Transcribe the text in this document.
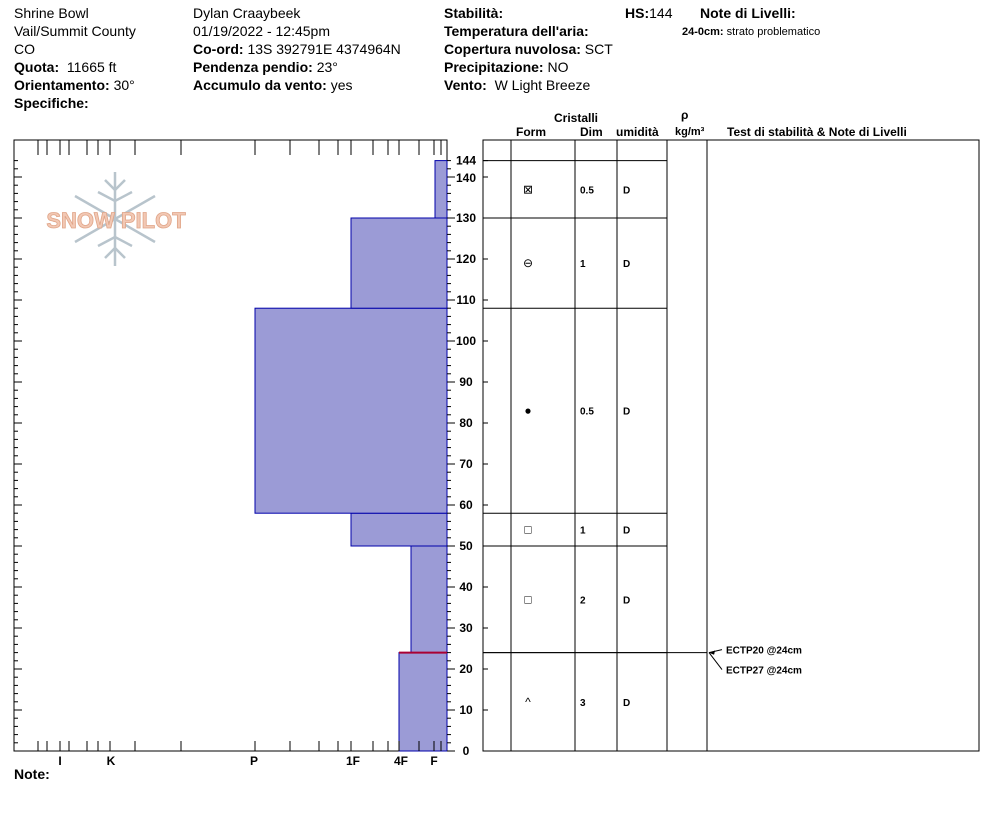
Shrine Bowl
Vail/Summit County
CO
Quota: 11665 ft
Orientamento: 30°
Specifiche:
Dylan Craaybeek
01/19/2022 - 12:45pm
Co-ord: 13S 392791E 4374964N
Pendenza pendio: 23°
Accumulo da vento: yes
Stabilità:
Temperatura dell'aria:
Copertura nuvolosa: SCT
Precipitazione: NO
Vento: W Light Breeze
HS:144 Note di Livelli:
24-0cm: strato problematico
Note:
SNOW PILOT
I	K	P	1F	4F F
0
10
20
30
40
50
60
70
80
90
100
110
120
130
140
144
Cristalli
Form	Dim umidità
ρ
kg/m³ Test di stabilità & Note di Livelli
^	3	D
□	2	D
□	1	D
●	0.5	D
⊖	1	D
⊠	0.5	D
ECTP20 @24cm
ECTP27 @24cm
